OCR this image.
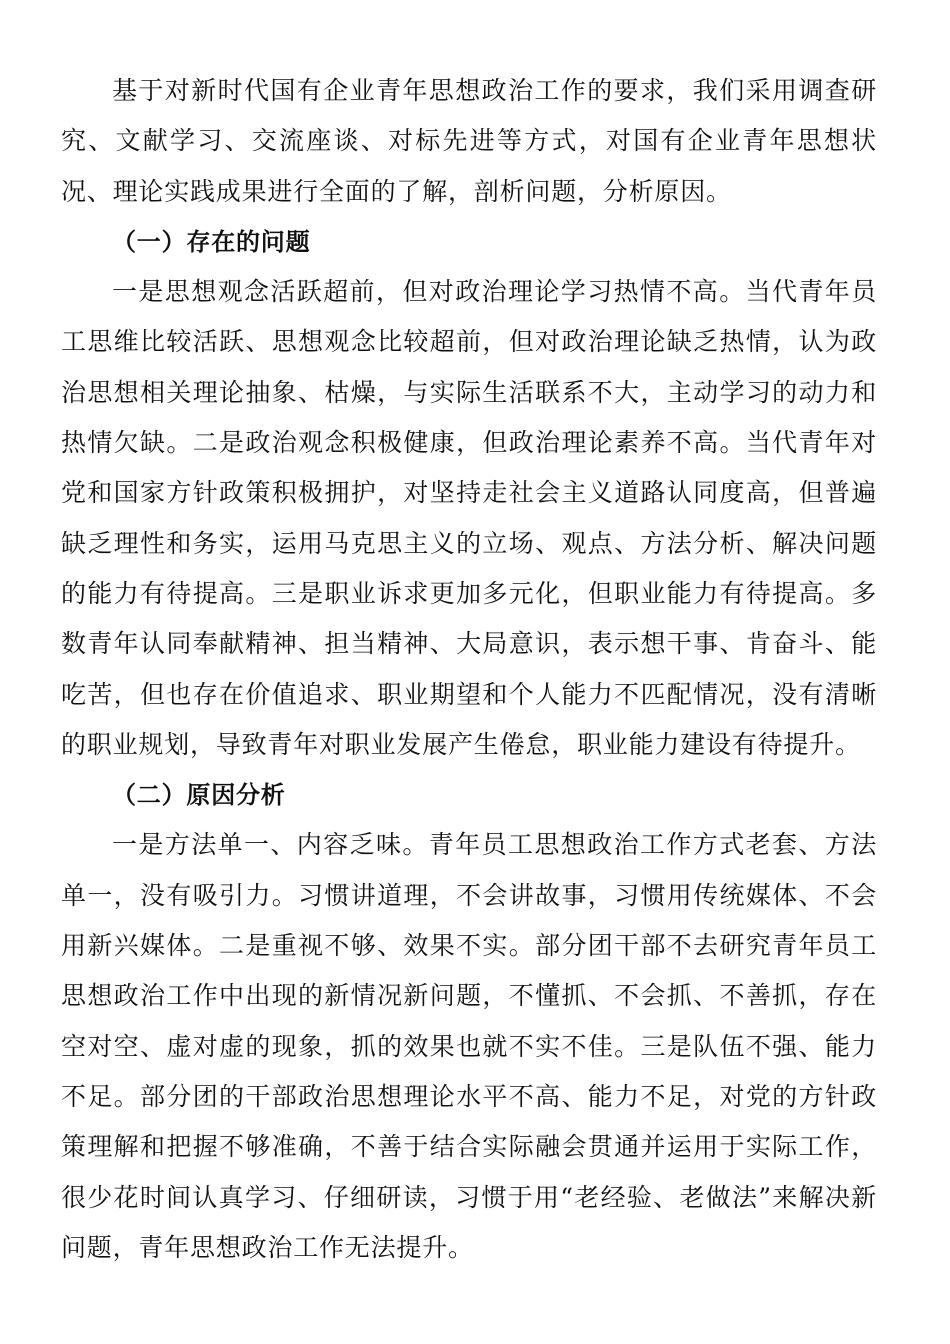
基于对新时代国有企业青年思想政治工作的要求，我们采用调查研究、文献学习、交流座谈、对标先进等方式，对国有企业青年思想状况、理论实践成果进行全面的了解，剖析问题，分析原因。

（一）存在的问题

一是思想观念活跃超前，但对政治理论学习热情不高。当代青年员工思维比较活跃、思想观念比较超前，但对政治理论缺乏热情，认为政治思想相关理论抽象、枯燥，与实际生活联系不大，主动学习的动力和热情欠缺。二是政治观念积极健康，但政治理论素养不高。当代青年对党和国家方针政策积极拥护，对坚持走社会主义道路认同度高，但普遍缺乏理性和务实，运用马克思主义的立场、观点、方法分析、解决问题的能力有待提高。三是职业诉求更加多元化，但职业能力有待提高。多数青年认同奉献精神、担当精神、大局意识，表示想干事、肯奋斗、能吃苦，但也存在价值追求、职业期望和个人能力不匹配情况，没有清晰的职业规划，导致青年对职业发展产生倦怠，职业能力建设有待提升。

（二）原因分析

一是方法单一、内容乏味。青年员工思想政治工作方式老套、方法单一，没有吸引力。习惯讲道理，不会讲故事，习惯用传统媒体、不会用新兴媒体。二是重视不够、效果不实。部分团干部不去研究青年员工思想政治工作中出现的新情况新问题，不懂抓、不会抓、不善抓，存在空对空、虚对虚的现象，抓的效果也就不实不佳。三是队伍不强、能力不足。部分团的干部政治思想理论水平不高、能力不足，对党的方针政策理解和把握不够准确，不善于结合实际融会贯通并运用于实际工作，很少花时间认真学习、仔细研读，习惯于用“老经验、老做法”来解决新问题，青年思想政治工作无法提升。
